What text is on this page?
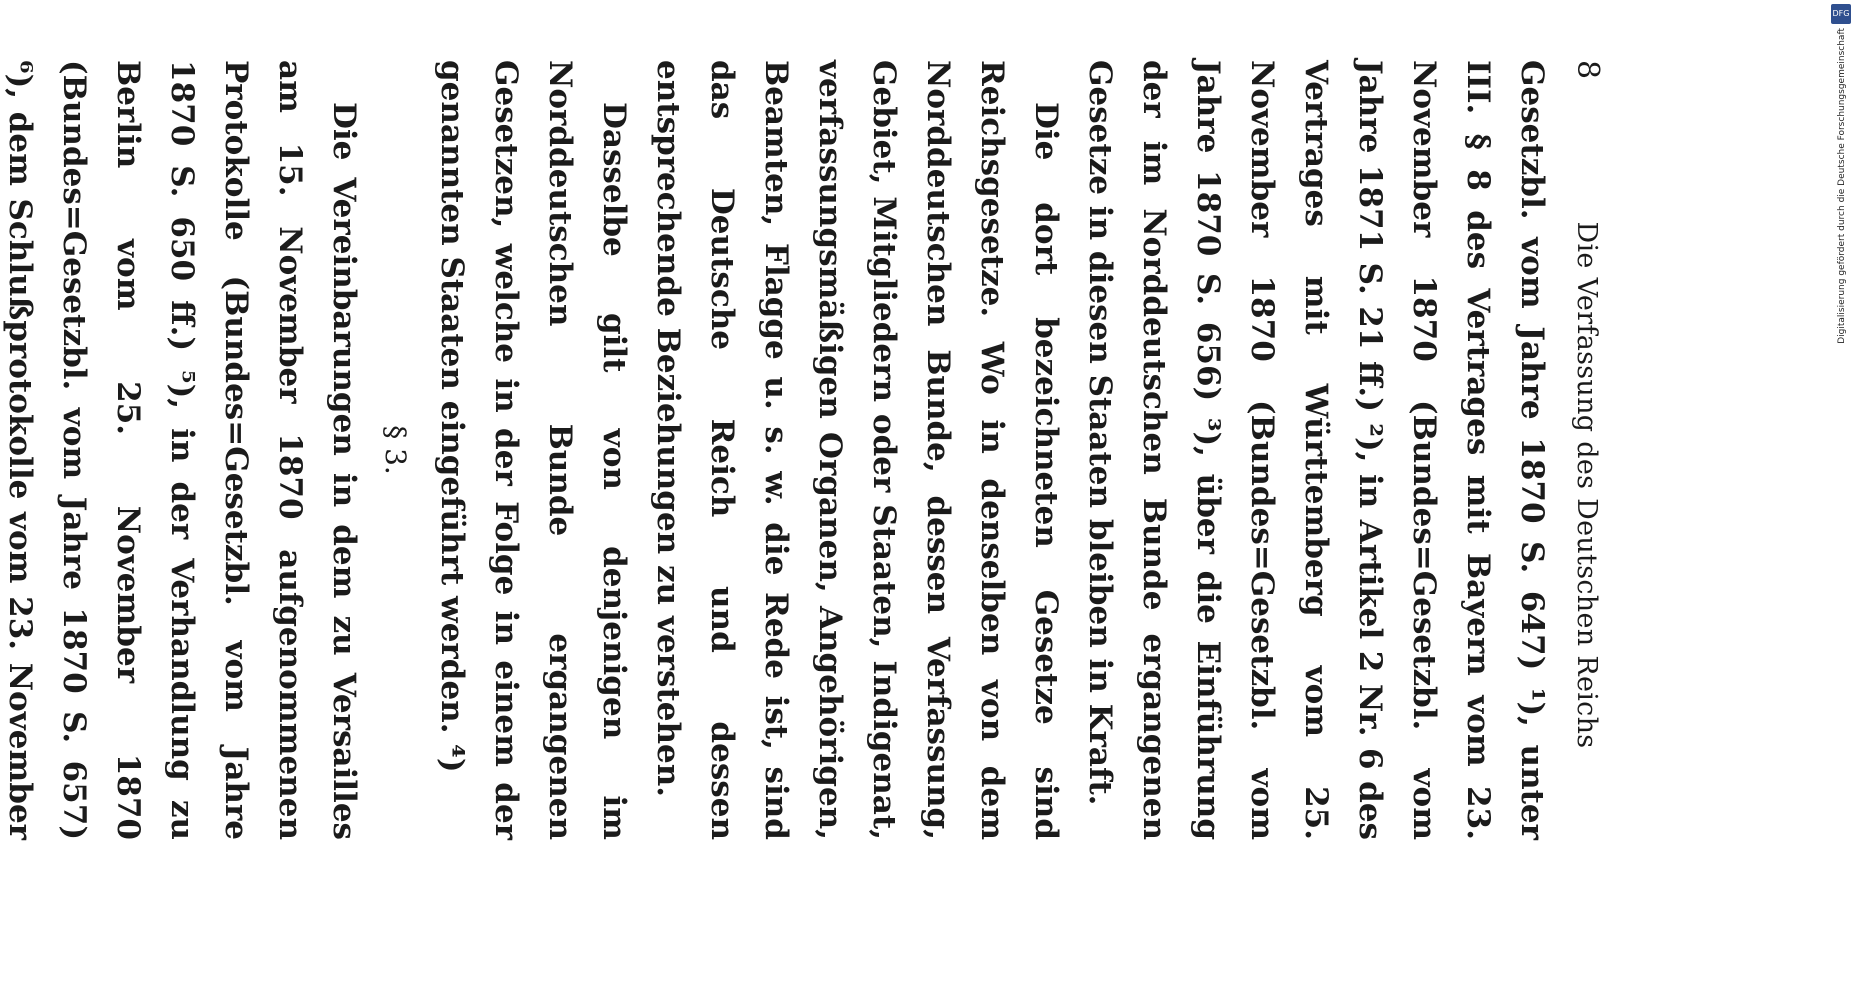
8
Die Verfassung des Deutschen Reichs

Gesetzbl. vom Jahre 1870 S. 647) ¹), unter III. § 8 des Vertrages mit Bayern vom 23. November 1870 (Bundes=Gesetzbl. vom Jahre 1871 S. 21 ff.) ²), in Artikel 2 Nr. 6 des Vertrages mit Württemberg vom 25. November 1870 (Bundes=Gesetzbl. vom Jahre 1870 S. 656) ³), über die Einführung der im Norddeutschen Bunde ergangenen Gesetze in diesen Staaten bleiben in Kraft.

Die dort bezeichneten Gesetze sind Reichsgesetze. Wo in denselben von dem Norddeutschen Bunde, dessen Verfassung, Gebiet, Mitgliedern oder Staaten, Indigenat, verfassungsmäßigen Organen, Angehörigen, Beamten, Flagge u. s. w. die Rede ist, sind das Deutsche Reich und dessen entsprechende Beziehungen zu verstehen.

Dasselbe gilt von denjenigen im Norddeutschen Bunde ergangenen Gesetzen, welche in der Folge in einem der genannten Staaten eingeführt werden. ⁴)

§ 3.

Die Vereinbarungen in dem zu Versailles am 15. November 1870 aufgenommenen Protokolle (Bundes=Gesetzbl. vom Jahre 1870 S. 650 ff.) ⁵), in der Verhandlung zu Berlin vom 25. November 1870 (Bundes=Gesetzbl. vom Jahre 1870 S. 657) ⁶), dem Schlußprotokolle vom 23. November

DFG
Digitalisierung gefördert durch die Deutsche Forschungsgemeinschaft
